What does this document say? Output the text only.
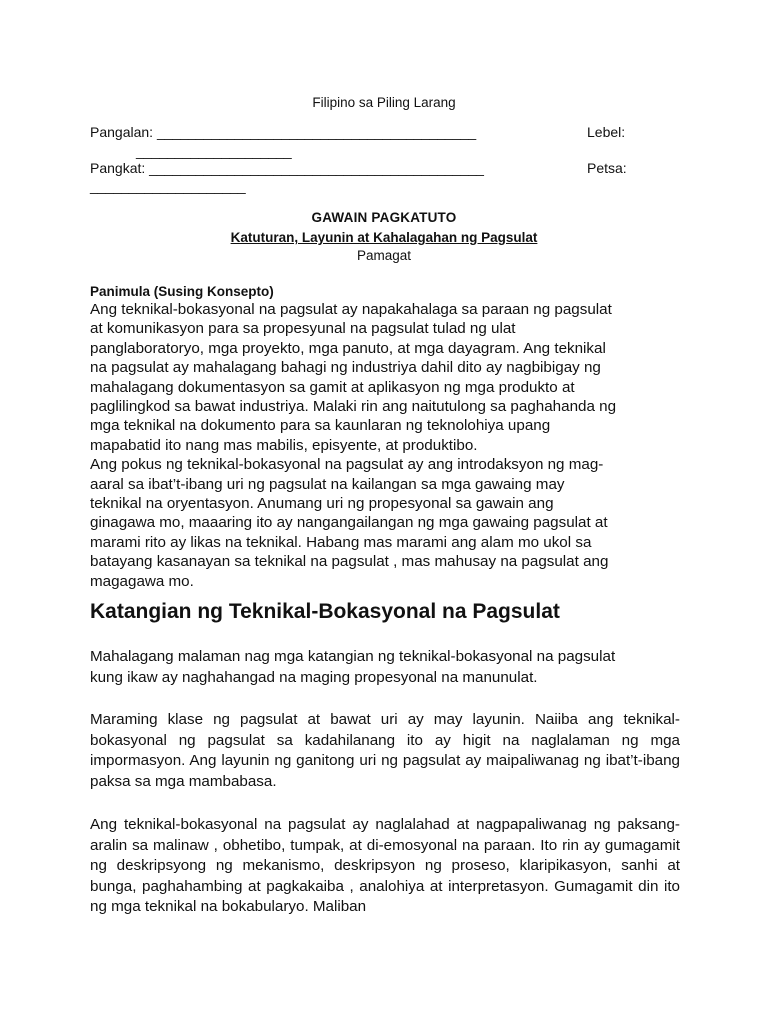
Filipino sa Piling Larang
Pangalan: _________________________________________	Lebel:
____________________
Pangkat: ___________________________________________	Petsa:
____________________
GAWAIN PAGKATUTO
Katuturan, Layunin at Kahalagahan ng Pagsulat
Pamagat
Panimula (Susing Konsepto)

Ang teknikal-bokasyonal na pagsulat ay napakahalaga sa paraan ng pagsulat
at komunikasyon para sa propesyunal na pagsulat tulad ng ulat
panglaboratoryo, mga proyekto, mga panuto, at mga dayagram. Ang teknikal
na pagsulat ay mahalagang bahagi ng industriya dahil dito ay nagbibigay ng
mahalagang dokumentasyon sa gamit at aplikasyon ng mga produkto at
paglilingkod sa bawat industriya. Malaki rin ang naitutulong sa paghahanda ng
mga teknikal na dokumento para sa kaunlaran ng teknolohiya upang
mapabatid ito nang mas mabilis, episyente, at produktibo.
Ang pokus ng teknikal-bokasyonal na pagsulat ay ang introdaksyon ng mag-
aaral sa ibat’t-ibang uri ng pagsulat na kailangan sa mga gawaing may
teknikal na oryentasyon. Anumang uri ng propesyonal sa gawain ang
ginagawa mo, maaaring ito ay nangangailangan ng mga gawaing pagsulat at
marami rito ay likas na teknikal. Habang mas marami ang alam mo ukol sa
batayang kasanayan sa teknikal na pagsulat , mas mahusay na pagsulat ang
magagawa mo.

Katangian ng Teknikal-Bokasyonal na Pagsulat

Mahalagang malaman nag mga katangian ng teknikal-bokasyonal na pagsulat
kung ikaw ay naghahangad na maging propesyonal na manunulat.

Maraming klase ng pagsulat at bawat uri ay may layunin. Naiiba ang teknikal-bokasyonal ng pagsulat sa kadahilanang ito ay higit na naglalaman ng mga impormasyon. Ang layunin ng ganitong uri ng pagsulat ay maipaliwanag ng ibat’t-ibang paksa sa mga mambabasa.

Ang teknikal-bokasyonal na pagsulat ay naglalahad at nagpapaliwanag ng paksang-aralin sa malinaw , obhetibo, tumpak, at di-emosyonal na paraan. Ito rin ay gumagamit ng deskripsyong ng mekanismo, deskripsyon ng proseso, klaripikasyon, sanhi at bunga, paghahambing at pagkakaiba , analohiya at interpretasyon. Gumagamit din ito ng mga teknikal na bokabularyo. Maliban
